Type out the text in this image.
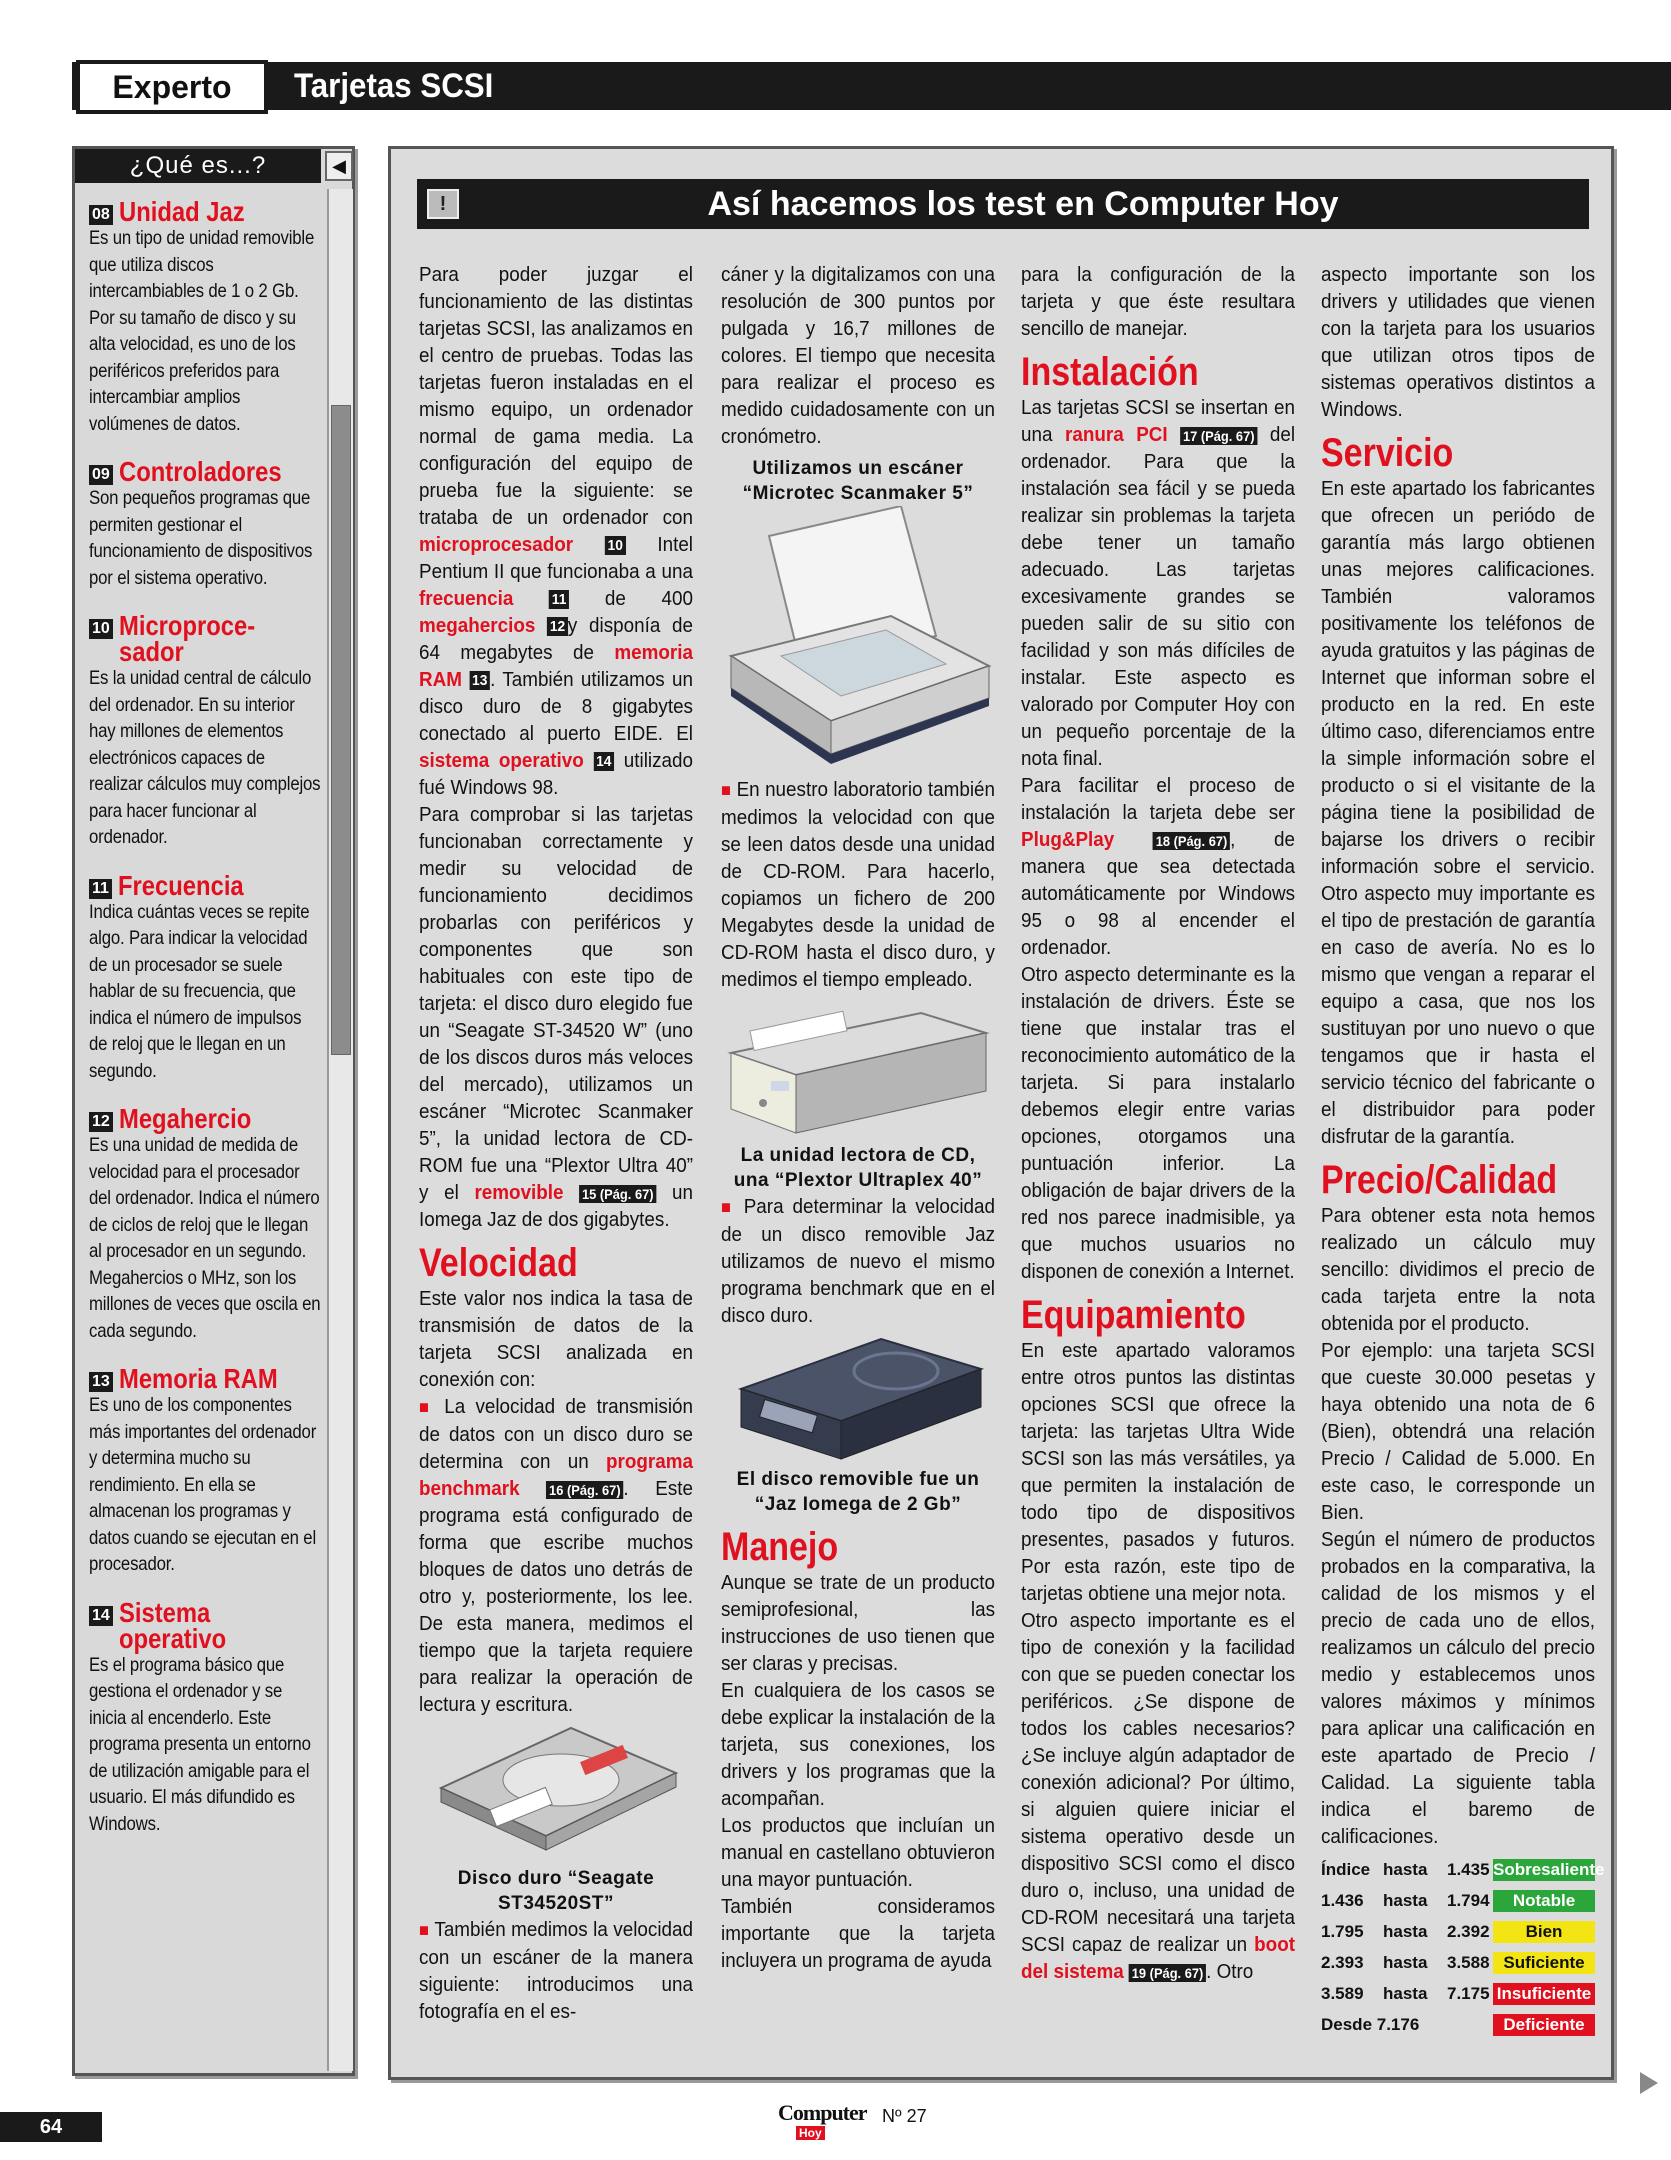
Experto	Tarjetas SCSI
¿Qué es...?	◀
08 Unidad Jaz
Es un tipo de unidad removible que utiliza discos intercambiables de 1 o 2 Gb. Por su tamaño de disco y su alta velocidad, es uno de los periféricos preferidos para intercambiar amplios volúmenes de datos.
09 Controladores
Son pequeños programas que permiten gestionar el funcionamiento de dispositivos por el sistema operativo.
10 Microproce-
sador
Es la unidad central de cálculo del ordenador. En su interior hay millones de elementos electrónicos capaces de realizar cálculos muy complejos para hacer funcionar al ordenador.
11 Frecuencia
Indica cuántas veces se repite algo. Para indicar la velocidad de un procesador se suele hablar de su frecuencia, que indica el número de impulsos de reloj que le llegan en un segundo.
12 Megahercio
Es una unidad de medida de velocidad para el procesador del ordenador. Indica el número de ciclos de reloj que le llegan al procesador en un segundo. Megahercios o MHz, son los millones de veces que oscila en cada segundo.
13 Memoria RAM
Es uno de los componentes más importantes del ordenador y determina mucho su rendimiento. En ella se almacenan los programas y datos cuando se ejecutan en el procesador.
14 Sistema
operativo
Es el programa básico que gestiona el ordenador y se inicia al encenderlo. Este programa presenta un entorno de utilización amigable para el usuario. El más difundido es Windows.
!	Así hacemos los test en Computer Hoy

Para poder juzgar el funcionamiento de las distintas tarjetas SCSI, las analizamos en el centro de pruebas. Todas las tarjetas fueron instaladas en el mismo equipo, un ordenador normal de gama media. La configuración del equipo de prueba fue la siguiente: se trataba de un ordenador con microprocesador 10 Intel Pentium II que funcionaba a una frecuencia	11 de 400 megahercios 12 y disponía de 64 megabytes de memoria RAM 13 . También utilizamos un disco duro de 8 gigabytes conectado al puerto EIDE. El sistema operativo 14 utilizado fué Windows 98.

Para comprobar si las tarjetas funcionaban correctamente y medir su velocidad de funcionamiento decidimos probarlas con periféricos y componentes que son habituales con este tipo de tarjeta: el disco duro elegido fue un “Seagate ST-34520 W” (uno de los discos duros más veloces del mercado), utilizamos un escáner “Microtec Scanmaker 5”, la unidad lectora de CD-ROM fue una “Plextor Ultra 40” y el removible 15 (Pág. 67) un Iomega Jaz de dos gigabytes.

Velocidad

Este valor nos indica la tasa de transmisión de datos de la tarjeta SCSI analizada en conexión con:

■ La velocidad de transmisión de datos con un disco duro se determina con un programa benchmark 16 (Pág. 67) . Este programa está configurado de forma que escribe muchos bloques de datos uno detrás de otro y, posteriormente, los lee. De esta manera, medimos el tiempo que la tarjeta requiere para realizar la operación de lectura y escritura.

Disco duro “Seagate ST34520ST”

■ También medimos la velocidad con un escáner de la manera siguiente: introducimos una fotografía en el es-

cáner y la digitalizamos con una resolución de 300 puntos por pulgada y 16,7 millones de colores. El tiempo que necesita para realizar el proceso es medido cuidadosamente con un cronómetro.

Utilizamos un escáner “Microtec Scanmaker 5”

■ En nuestro laboratorio también medimos la velocidad con que se leen datos desde una unidad de CD-ROM. Para hacerlo, copiamos un fichero de 200 Megabytes desde la unidad de CD-ROM hasta el disco duro, y medimos el tiempo empleado.

La unidad lectora de CD, una “Plextor Ultraplex 40”

■ Para determinar la velocidad de un disco removible Jaz utilizamos de nuevo el mismo programa benchmark que en el disco duro.

El disco removible fue un “Jaz Iomega de 2 Gb”
Manejo

Aunque se trate de un producto semiprofesional, las instrucciones de uso tienen que ser claras y precisas.

En cualquiera de los casos se debe explicar la instalación de la tarjeta, sus conexiones, los drivers y los programas que la acompañan.

Los productos que incluían un manual en castellano obtuvieron una mayor puntuación.

También consideramos importante que la tarjeta incluyera un programa de ayuda

para la configuración de la tarjeta y que éste resultara sencillo de manejar.

Instalación

Las tarjetas SCSI se insertan en una ranura PCI 17 (Pág. 67) del ordenador. Para que la instalación sea fácil y se pueda realizar sin problemas la tarjeta debe tener un tamaño adecuado. Las tarjetas excesivamente grandes se pueden salir de su sitio con facilidad y son más difíciles de instalar. Este aspecto es valorado por Computer Hoy con un pequeño porcentaje de la nota final.

Para facilitar el proceso de instalación la tarjeta debe ser Plug&Play	18 (Pág. 67) , de manera que sea detectada automáticamente por Windows 95 o 98 al encender el ordenador.

Otro aspecto determinante es la instalación de drivers. Éste se tiene que instalar tras el reconocimiento automático de la tarjeta. Si para instalarlo debemos elegir entre varias opciones, otorgamos una puntuación inferior. La obligación de bajar drivers de la red nos parece inadmisible, ya que muchos usuarios no disponen de conexión a Internet.

Equipamiento

En este apartado valoramos entre otros puntos las distintas opciones SCSI que ofrece la tarjeta: las tarjetas Ultra Wide SCSI son las más versátiles, ya que permiten la instalación de todo tipo de dispositivos presentes, pasados y futuros. Por esta razón, este tipo de tarjetas obtiene una mejor nota.

Otro aspecto importante es el tipo de conexión y la facilidad con que se pueden conectar los periféricos. ¿Se dispone de todos los cables necesarios? ¿Se incluye algún adaptador de conexión adicional? Por último, si alguien quiere iniciar el sistema operativo desde un dispositivo SCSI como el disco duro o, incluso, una unidad de CD-ROM necesitará una tarjeta SCSI capaz de realizar un boot del sistema 19 (Pág. 67) . Otro

aspecto importante son los drivers y utilidades que vienen con la tarjeta para los usuarios que utilizan otros tipos de sistemas operativos distintos a Windows.

Servicio

En este apartado los fabricantes que ofrecen un periódo de garantía más largo obtienen unas mejores calificaciones. También valoramos positivamente los teléfonos de ayuda gratuitos y las páginas de Internet que informan sobre el producto en la red. En este último caso, diferenciamos entre la simple información sobre el producto o si el visitante de la página tiene la posibilidad de bajarse los drivers o recibir información sobre el servicio. Otro aspecto muy importante es el tipo de prestación de garantía en caso de avería. No es lo mismo que vengan a reparar el equipo a casa, que nos los sustituyan por uno nuevo o que tengamos que ir hasta el servicio técnico del fabricante o el distribuidor para poder disfrutar de la garantía.

Precio/Calidad

Para obtener esta nota hemos realizado un cálculo muy sencillo: dividimos el precio de cada tarjeta entre la nota obtenida por el producto.

Por ejemplo: una tarjeta SCSI que cueste 30.000 pesetas y haya obtenido una nota de 6 (Bien), obtendrá una relación Precio / Calidad de 5.000. En este caso, le corresponde un Bien.

Según el número de productos probados en la comparativa, la calidad de los mismos y el precio de cada uno de ellos, realizamos un cálculo del precio medio y establecemos unos valores máximos y mínimos para aplicar una calificación en este apartado de Precio / Calidad. La siguiente tabla indica el baremo de calificaciones.

Índice	hasta	1.435	Sobresaliente
1.436	hasta	1.794	Notable
1.795	hasta	2.392	Bien
2.393	hasta	3.588	Suficiente
3.589	hasta	7.175	Insuficiente
Desde 7.176			Deficiente
64
Computer
Hoy
Nº 27
